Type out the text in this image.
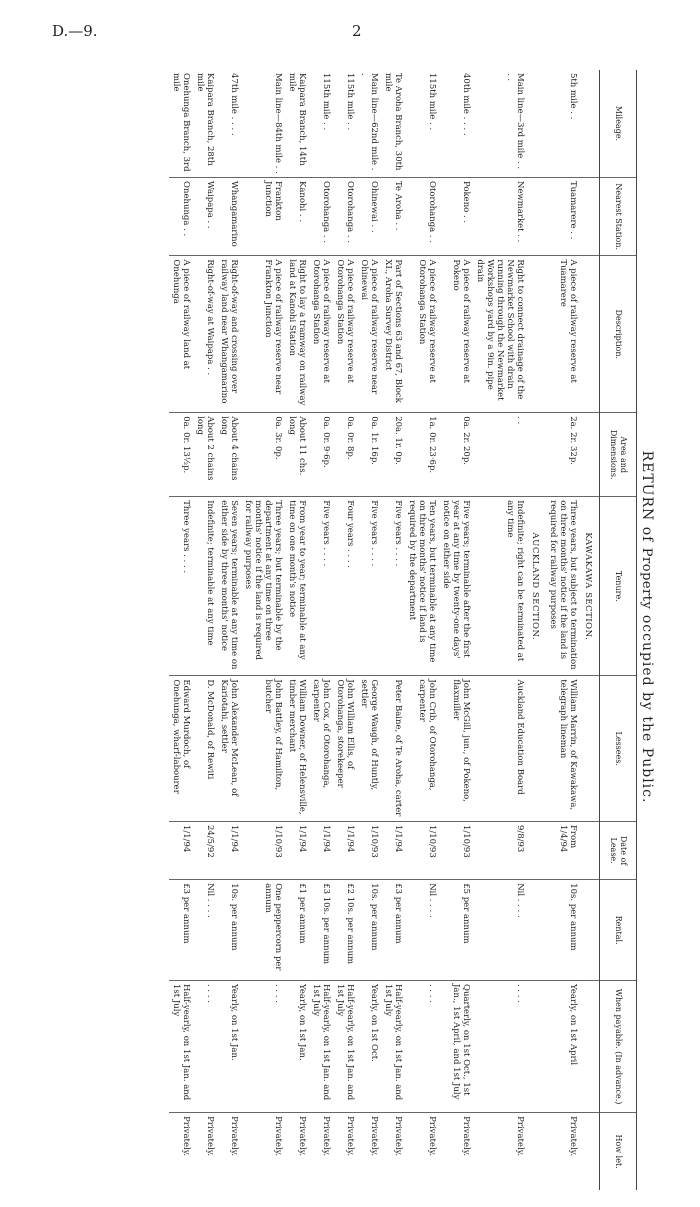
D.—9.	2
RETURN of Property occupied by the Public.
Mileage.	Nearest Station.	Description.	Area and Dimensions.	Tenure.	Lessees.	Date of Lease.	Rental.	When payable. (In advance.)	How let.
				KAWAKAWA SECTION.					
5th mile . .	Tuamarere . .	A piece of railway reserve at Tuamarere	2a. 2r. 32p.	Three years, but subject to termination on three months' notice if the land is required for railway purposes	William Marrin, of Kawakawa, telegraph lineman	From 1/4/94	10s. per annum	Yearly, on 1st April	Privately.
				AUCKLAND SECTION.					
Main line—3rd mile . . . .	Newmarket . .	Right to connect drainage of the Newmarket School with drain running through the Newmarket Workshops yard by a 9in. pipe drain	. .	Indefinite; right can be terminated at any time	Auckland Education Board	9/8/93	Nil . . . .	. . . .	Privately.
40th mile . . . .	Pokeno . .	A piece of railway reserve at Pokeno	0a. 2r. 20p.	Five years; terminable after the first year at any time by twenty-one days' notice on either side	John McGill, jun., of Pokeno, flaxmiller	1/10/93	£5 per annum	Quarterly, on 1st Oct., 1st Jan., 1st April, and 1st July	Privately.
115th mile . .	Otorohanga . .	A piece of railway reserve at Otorohanga Station	1a. 0r. 23·6p.	Ten years, but terminable at any time on three months' notice if land is required by the department	John Crib, of Otorohanga, carpenter	1/10/93	Nil . . . .	. . . .	Privately.
Te Aroha Branch, 30th mile	Te Aroha . .	Part of Sections 63 and 67, Block XI., Aroha Survey District	20a. 1r. 0p.	Five years . . . .	Peter Baine, of Te Aroha, carter	1/1/94	£3 per annum	Half-yearly, on 1st Jan. and 1st July	Privately.
Main line—62nd mile . .	Ohinewai . .	A piece of railway reserve near Ohinewai	0a. 1r. 16p.	Five years . . . .	George Waugh, of Huntly, settler	1/10/93	10s. per annum	Yearly, on 1st Oct.	Privately.
115th mile . .	Otorohanga . .	A piece of railway reserve at Otorohanga Station	0a. 0r. 8p.	Four years . . . .	John William Ellis, of Otorohanga, storekeeper	1/1/94	£2 10s. per annum	Half-yearly, on 1st Jan. and 1st July	Privately.
115th mile . .	Otorohanga . .	A piece of railway reserve at Otorohanga Station	0a. 0r. 9·6p.	Five years . . . .	John Cox, of Otorohanga, carpenter	1/1/94	£3 10s. per annum	Half-yearly, on 1st Jan. and 1st July	Privately.
Kaipara Branch, 14th mile	Kanohi . .	Right to lay a tramway on railway land at Kanohi Station	About 11 chs. long	From year to year; terminable at any time on one month's notice	William Downer, of Helensville, timber merchant	1/1/94	£1 per annum	Yearly, on 1st Jan.	Privately.
Main line—84th mile . .	Frankton Junction	A piece of railway reserve near Frankton Junction	0a. 3r. 0p.	Three years; but terminable by the department at any time on three months' notice if the land is required for railway purposes	John Battley, of Hamilton, butcher	1/10/93	One peppercorn per annum	. . . .	Privately.
47th mile . . . .	Whangamarino	Right-of-way and crossing over railway land near Whangamarino	About 4 chains long	Seven years; terminable at any time on either side by three months' notice	John Alexander McLean, of Kariotahi, settler	1/1/94	10s. per annum	Yearly, on 1st Jan.	Privately.
Kaipara Branch, 28th mile	Waipapa . .	Right-of-way at Waipapa . .	About 2 chains long	Indefinite; terminable at any time	D. McDonald, of Rewiti	24/5/92	Nil . . . .	. . . .	Privately.
Onehunga Branch, 3rd mile	Onehunga . .	A piece of railway land at Onehunga	0a. 0r. 13½p.	Three years . . . .	Edward Murdoch, of Onehunga, wharf-labourer	1/1/94	£3 per annum	Half-yearly, on 1st Jan. and 1st July	Privately.
